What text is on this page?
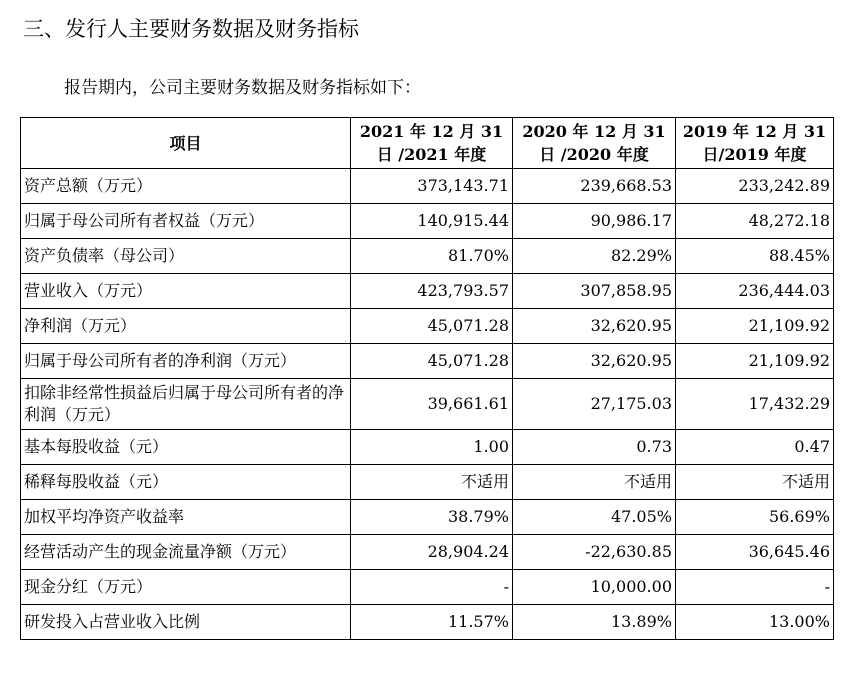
三、发行人主要财务数据及财务指标
报告期内，公司主要财务数据及财务指标如下：
项目	2021 年 12 月 31 日 /2021 年度	2020 年 12 月 31 日 /2020 年度	2019 年 12 月 31 日/2019 年度
资产总额（万元）	373,143.71	239,668.53	233,242.89
归属于母公司所有者权益（万元）	140,915.44	90,986.17	48,272.18
资产负债率（母公司）	81.70%	82.29%	88.45%
营业收入（万元）	423,793.57	307,858.95	236,444.03
净利润（万元）	45,071.28	32,620.95	21,109.92
归属于母公司所有者的净利润（万元）	45,071.28	32,620.95	21,109.92
扣除非经常性损益后归属于母公司所有者的净利润（万元）	39,661.61	27,175.03	17,432.29
基本每股收益（元）	1.00	0.73	0.47
稀释每股收益（元）	不适用	不适用	不适用
加权平均净资产收益率	38.79%	47.05%	56.69%
经营活动产生的现金流量净额（万元）	28,904.24	-22,630.85	36,645.46
现金分红（万元）	-	10,000.00	-
研发投入占营业收入比例	11.57%	13.89%	13.00%
